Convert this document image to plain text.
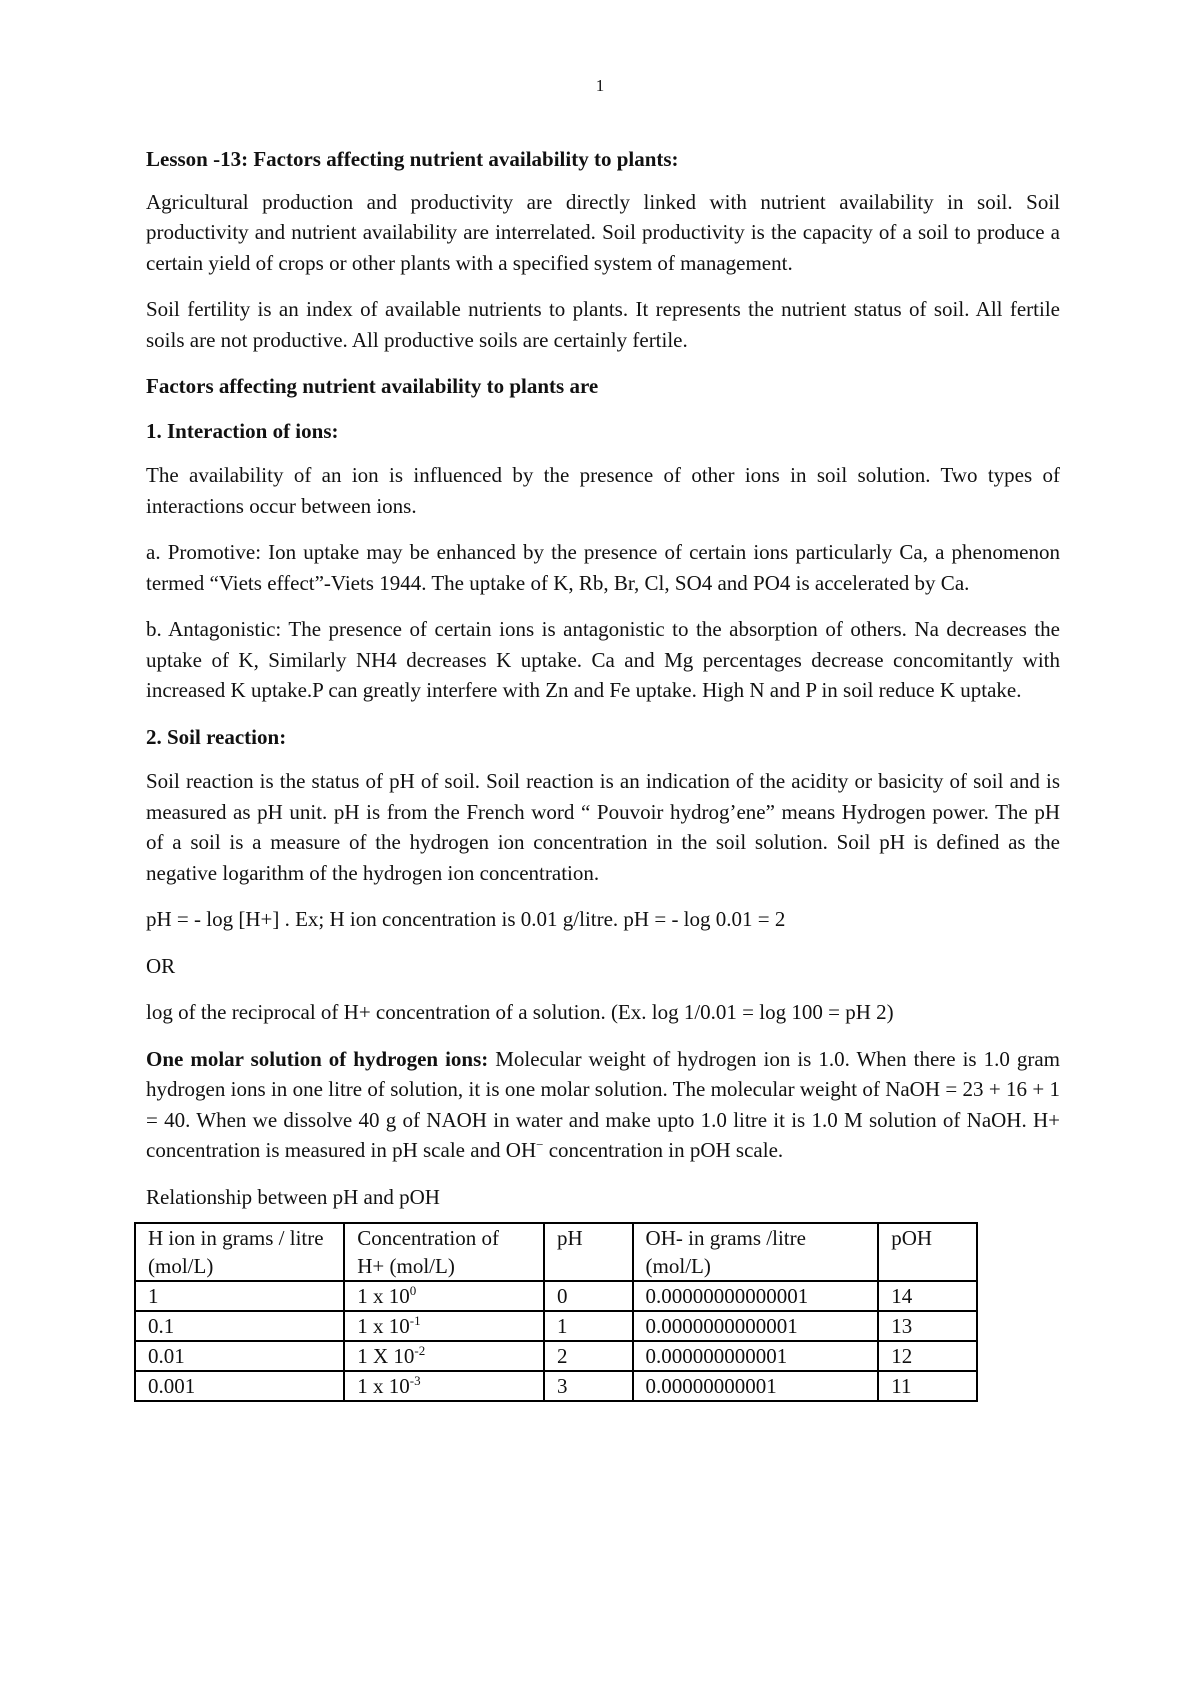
1

Lesson -13: Factors affecting nutrient availability to plants:

Agricultural production and productivity are directly linked with nutrient availability in soil. Soil productivity and nutrient availability are interrelated. Soil productivity is the capacity of a soil to produce a certain yield of crops or other plants with a specified system of management.

Soil fertility is an index of available nutrients to plants. It represents the nutrient status of soil. All fertile soils are not productive. All productive soils are certainly fertile.

Factors affecting nutrient availability to plants are

1. Interaction of ions:

The availability of an ion is influenced by the presence of other ions in soil solution. Two types of interactions occur between ions.

a. Promotive: Ion uptake may be enhanced by the presence of certain ions particularly Ca, a phenomenon termed “Viets effect”-Viets 1944. The uptake of K, Rb, Br, Cl, SO4 and PO4 is accelerated by Ca.

b. Antagonistic: The presence of certain ions is antagonistic to the absorption of others. Na decreases the uptake of K, Similarly NH4 decreases K uptake. Ca and Mg percentages decrease concomitantly with increased K uptake.P can greatly interfere with Zn and Fe uptake. High N and P in soil reduce K uptake.

2. Soil reaction:

Soil reaction is the status of pH of soil. Soil reaction is an indication of the acidity or basicity of soil and is measured as pH unit. pH is from the French word “ Pouvoir hydrog’ene” means Hydrogen power. The pH of a soil is a measure of the hydrogen ion concentration in the soil solution. Soil pH is defined as the negative logarithm of the hydrogen ion concentration.

pH = - log [H+] . Ex; H ion concentration is 0.01 g/litre. pH = - log 0.01 = 2

OR

log of the reciprocal of H+ concentration of a solution. (Ex. log 1/0.01 = log 100 = pH 2)

One molar solution of hydrogen ions: Molecular weight of hydrogen ion is 1.0. When there is 1.0 gram hydrogen ions in one litre of solution, it is one molar solution. The molecular weight of NaOH = 23 + 16 + 1 = 40. When we dissolve 40 g of NAOH in water and make upto 1.0 litre it is 1.0 M solution of NaOH. H+ concentration is measured in pH scale and OH− concentration in pOH scale.

Relationship between pH and pOH

H ion in grams / litre (mol/L)	Concentration of H+ (mol/L)	pH	OH- in grams /litre (mol/L)	pOH
1	1 x $10^0$	0	0.00000000000001	14
0.1	1 x $10^{-1}$	1	0.0000000000001	13
0.01	1 X $10^{-2}$	2	0.000000000001	12
0.001	1 x $10^{-3}$	3	0.00000000001	11
